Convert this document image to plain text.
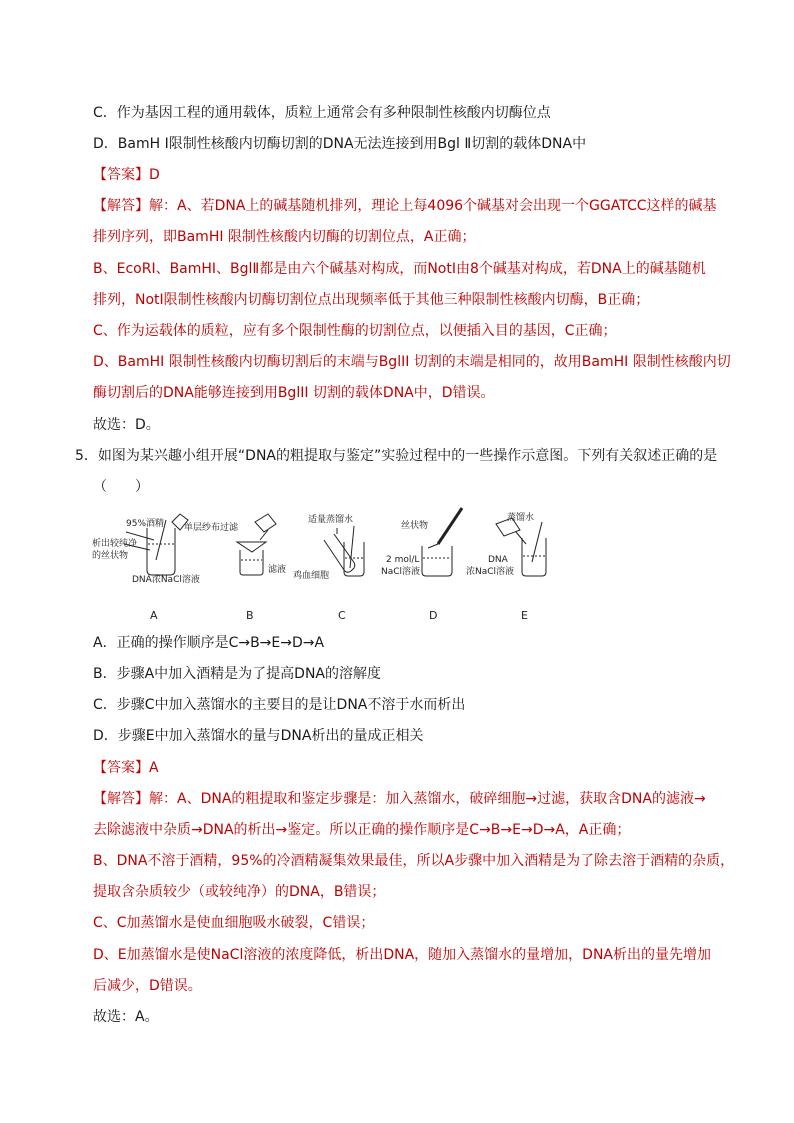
C．作为基因工程的通用载体，质粒上通常会有多种限制性核酸内切酶位点
D．BamH Ⅰ限制性核酸内切酶切割的DNA无法连接到用Bgl Ⅱ切割的载体DNA中
【答案】D
【解答】解：A、若DNA上的碱基随机排列，理论上每4096个碱基对会出现一个GGATCC这样的碱基
排列序列，即BamHI 限制性核酸内切酶的切割位点，A正确；
B、EcoRI、BamHI、BglⅡ都是由六个碱基对构成，而NotI由8个碱基对构成，若DNA上的碱基随机
排列，NotI限制性核酸内切酶切割位点出现频率低于其他三种限制性核酸内切酶，B正确；
C、作为运载体的质粒，应有多个限制性酶的切割位点，以便插入目的基因，C正确；
D、BamHI 限制性核酸内切酶切割后的末端与BglII 切割的末端是相同的，故用BamHI 限制性核酸内切
酶切割后的DNA能够连接到用BglII 切割的载体DNA中，D错误。
故选：D。
5．如图为某兴趣小组开展“DNA的粗提取与鉴定”实验过程中的一些操作示意图。下列有关叙述正确的是
（　　）
95%酒精
析出较纯净
的丝状物
DNA浓NaCl溶液
单层纱布过滤
滤液
适量蒸馏水
鸡血细胞
丝状物
2 mol/L
NaCl溶液
蒸馏水
DNA
浓NaCl溶液
A	B	C	D	E
A．正确的操作顺序是C→B→E→D→A
B．步骤A中加入酒精是为了提高DNA的溶解度
C．步骤C中加入蒸馏水的主要目的是让DNA不溶于水而析出
D．步骤E中加入蒸馏水的量与DNA析出的量成正相关
【答案】A
【解答】解：A、DNA的粗提取和鉴定步骤是：加入蒸馏水，破碎细胞→过滤，获取含DNA的滤液→
去除滤液中杂质→DNA的析出→鉴定。所以正确的操作顺序是C→B→E→D→A，A正确；
B、DNA不溶于酒精，95%的冷酒精凝集效果最佳，所以A步骤中加入酒精是为了除去溶于酒精的杂质，
提取含杂质较少（或较纯净）的DNA，B错误；
C、C加蒸馏水是使血细胞吸水破裂，C错误；
D、E加蒸馏水是使NaCl溶液的浓度降低，析出DNA，随加入蒸馏水的量增加，DNA析出的量先增加
后减少，D错误。
故选：A。
